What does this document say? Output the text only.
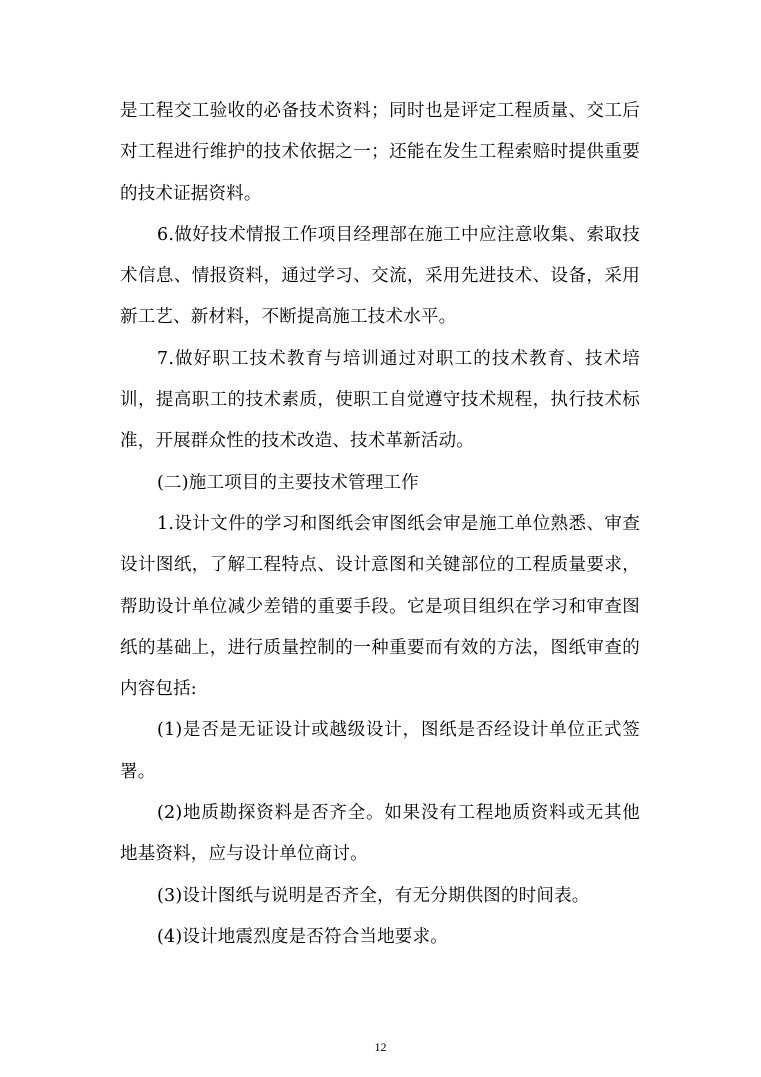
是工程交工验收的必备技术资料；同时也是评定工程质量、交工后对工程进行维护的技术依据之一；还能在发生工程索赔时提供重要的技术证据资料。

6.做好技术情报工作项目经理部在施工中应注意收集、索取技术信息、情报资料，通过学习、交流，采用先进技术、设备，采用新工艺、新材料，不断提高施工技术水平。

7.做好职工技术教育与培训通过对职工的技术教育、技术培训，提高职工的技术素质，使职工自觉遵守技术规程，执行技术标准，开展群众性的技术改造、技术革新活动。

(二)施工项目的主要技术管理工作

1.设计文件的学习和图纸会审图纸会审是施工单位熟悉、审查设计图纸，了解工程特点、设计意图和关键部位的工程质量要求，帮助设计单位减少差错的重要手段。它是项目组织在学习和审查图纸的基础上，进行质量控制的一种重要而有效的方法，图纸审查的内容包括:

(1)是否是无证设计或越级设计，图纸是否经设计单位正式签署。

(2)地质勘探资料是否齐全。如果没有工程地质资料或无其他地基资料，应与设计单位商讨。

(3)设计图纸与说明是否齐全，有无分期供图的时间表。

(4)设计地震烈度是否符合当地要求。

12
